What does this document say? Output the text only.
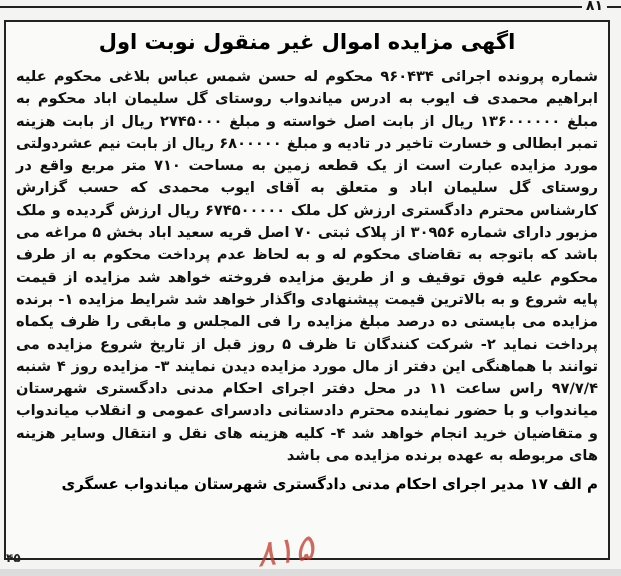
۸۱
اگهی مزایده اموال غیر منقول نوبت اول
شماره پرونده اجرائی ۹۶۰۴۳۴ محکوم له حسن شمس عباس بلاغی محکوم علیه ابراهیم محمدی ف ایوب به ادرس میاندواب روستای گل سلیمان اباد محکوم به مبلغ ۱۳۶۰۰۰۰۰۰ ریال از بابت اصل خواسته و مبلغ ۲۷۴۵۰۰۰ ریال از بابت هزینه تمبر ابطالی و خسارت تاخیر در تادیه و مبلغ ۶۸۰۰۰۰۰ ریال از بابت نیم عشردولتی مورد مزایده عبارت است از یک قطعه زمین به مساحت ۷۱۰ متر مربع واقع در روستای گل سلیمان اباد و متعلق به آقای ایوب محمدی که حسب گزارش کارشناس محترم دادگستری ارزش کل ملک ۶۷۴۵۰۰۰۰۰ ریال ارزش گردیده و ملک مزبور دارای شماره ۳۰۹۵۶ از پلاک ثبتی ۷۰ اصل قریه سعید اباد بخش ۵ مراغه می باشد که باتوجه به تقاضای محکوم له و به لحاظ عدم پرداخت محکوم به از طرف محکوم علیه فوق توقیف و از طریق مزایده فروخته خواهد شد مزایده از قیمت پایه شروع و به بالاترین قیمت پیشنهادی واگذار خواهد شد شرایط مزایده ۱- برنده مزایده می بایستی ده درصد مبلغ مزایده را فی المجلس و مابقی را ظرف یکماه پرداخت نماید ۲- شرکت کنندگان تا ظرف ۵ روز قبل از تاریخ شروع مزایده می توانند با هماهنگی این دفتر از مال مورد مزایده دیدن نمایند ۳- مزایده روز ۴ شنبه ۹۷/۷/۴ راس ساعت ۱۱ در محل دفتر اجرای احکام مدنی دادگستری شهرستان میاندواب و با حضور نماینده محترم دادستانی دادسرای عمومی و انقلاب میاندواب و متقاضیان خرید انجام خواهد شد ۴- کلیه هزینه های نقل و انتقال وسایر هزینه های مربوطه به عهده برنده مزایده می باشد
م الف ۱۷ مدیر اجرای احکام مدنی دادگستری شهرستان میاندواب عسگری
۸۱۵
۴۵
